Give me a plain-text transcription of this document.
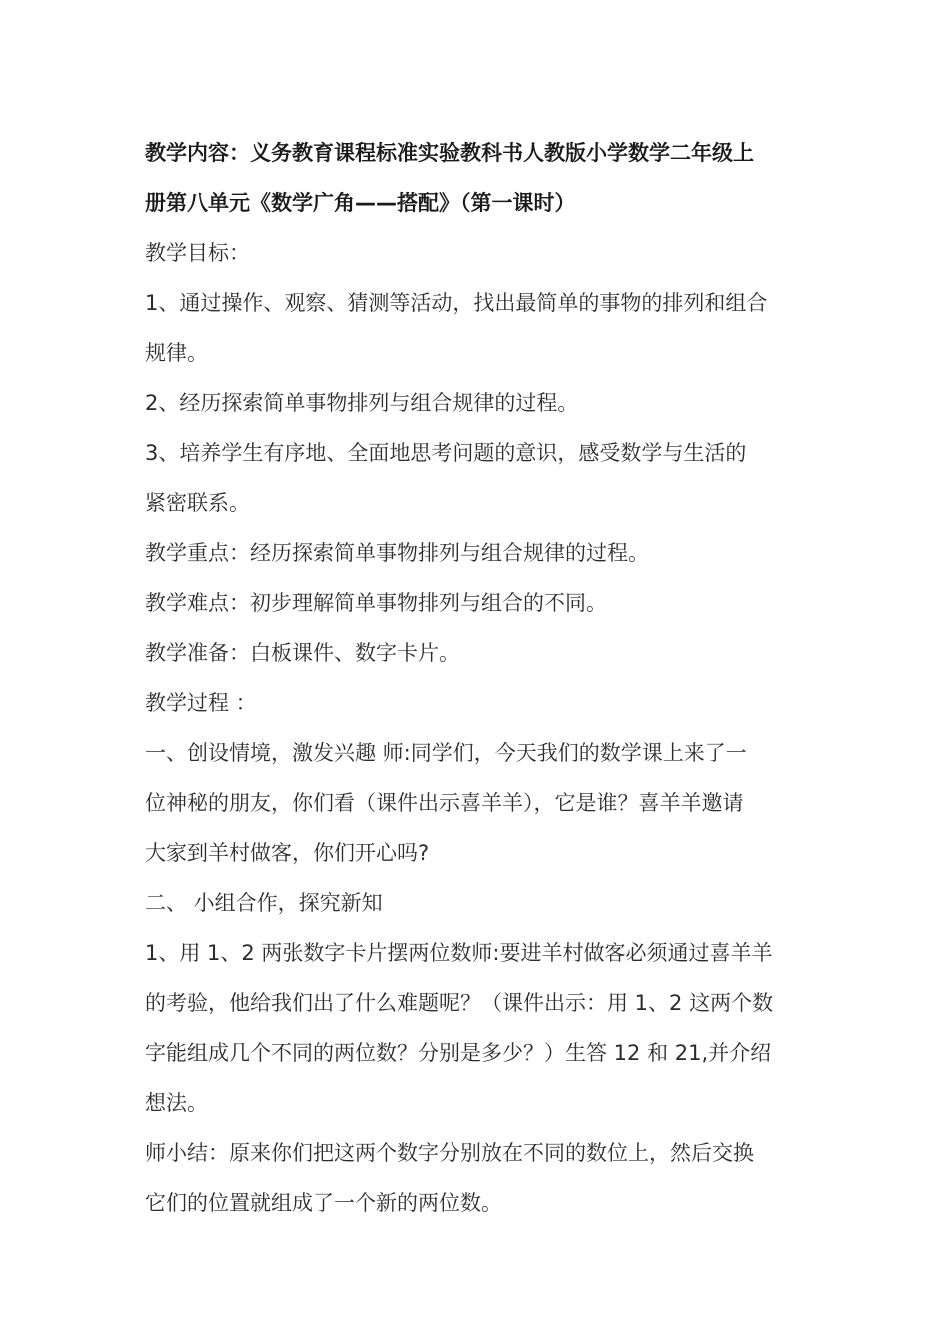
教学内容：义务教育课程标准实验教科书人教版小学数学二年级上
册第八单元《数学广角——搭配》（第一课时）
教学目标：
1、通过操作、观察、猜测等活动，找出最简单的事物的排列和组合
规律。
2、经历探索简单事物排列与组合规律的过程。
3、培养学生有序地、全面地思考问题的意识，感受数学与生活的
紧密联系。
教学重点：经历探索简单事物排列与组合规律的过程。
教学难点：初步理解简单事物排列与组合的不同。
教学准备：白板课件、数字卡片。
教学过程 ：
一、创设情境，激发兴趣 师:同学们，今天我们的数学课上来了一
位神秘的朋友，你们看（课件出示喜羊羊），它是谁？喜羊羊邀请
大家到羊村做客，你们开心吗?
二、 小组合作，探究新知
1、用 1、2 两张数字卡片摆两位数师:要进羊村做客必须通过喜羊羊
的考验，他给我们出了什么难题呢？（课件出示：用 1、2 这两个数
字能组成几个不同的两位数？分别是多少？）生答 12 和 21,并介绍
想法。
师小结：原来你们把这两个数字分别放在不同的数位上，然后交换
它们的位置就组成了一个新的两位数。
